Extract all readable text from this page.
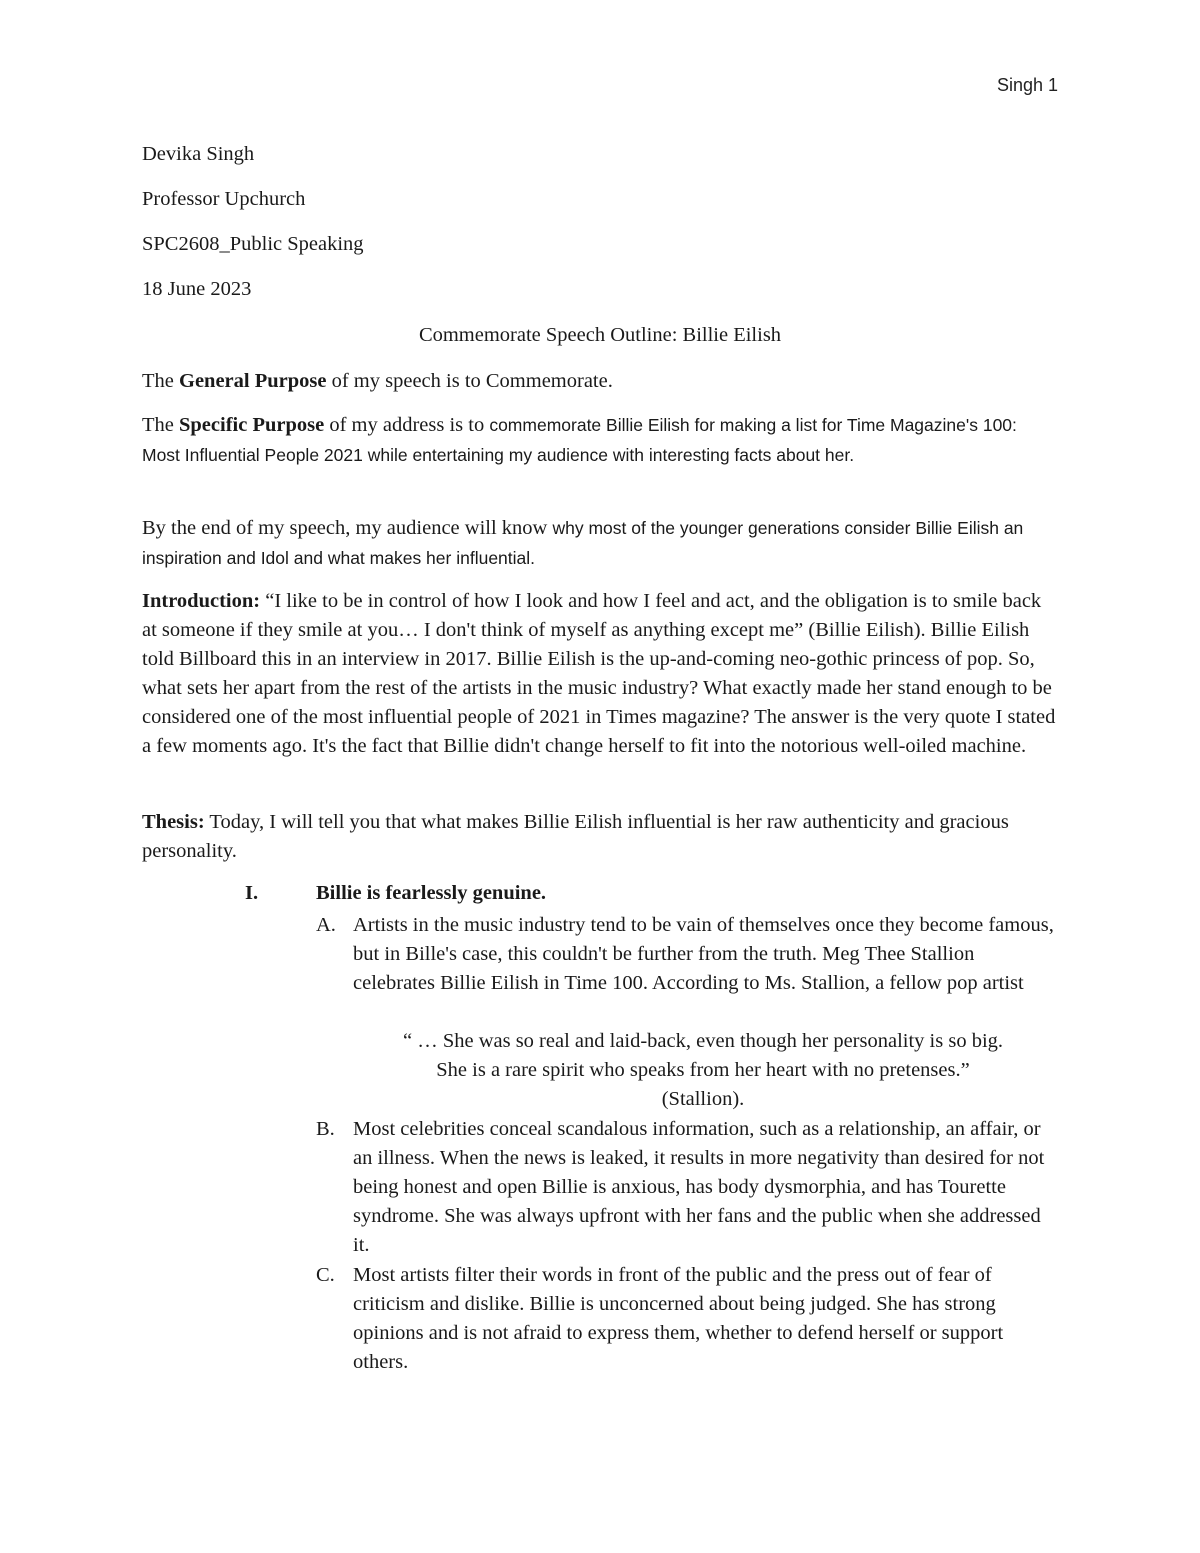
Singh 1
Devika Singh
Professor Upchurch
SPC2608_Public Speaking
18 June 2023
Commemorate Speech Outline: Billie Eilish
The General Purpose of my speech is to Commemorate.
The Specific Purpose of my address is to commemorate Billie Eilish for making a list for Time Magazine's 100: Most Influential People 2021 while entertaining my audience with interesting facts about her.
By the end of my speech, my audience will know why most of the younger generations consider Billie Eilish an inspiration and Idol and what makes her influential.
Introduction: “I like to be in control of how I look and how I feel and act, and the obligation is to smile back at someone if they smile at you… I don't think of myself as anything except me” (Billie Eilish). Billie Eilish told Billboard this in an interview in 2017. Billie Eilish is the up-and-coming neo-gothic princess of pop. So, what sets her apart from the rest of the artists in the music industry? What exactly made her stand enough to be considered one of the most influential people of 2021 in Times magazine? The answer is the very quote I stated a few moments ago. It's the fact that Billie didn't change herself to fit into the notorious well-oiled machine.
Thesis: Today, I will tell you that what makes Billie Eilish influential is her raw authenticity and gracious personality.
I.	Billie is fearlessly genuine.
A. Artists in the music industry tend to be vain of themselves once they become famous, but in Bille's case, this couldn't be further from the truth. Meg Thee Stallion celebrates Billie Eilish in Time 100. According to Ms. Stallion, a fellow pop artist
“ … She was so real and laid-back, even though her personality is so big.
She is a rare spirit who speaks from her heart with no pretenses.”
(Stallion).
B. Most celebrities conceal scandalous information, such as a relationship, an affair, or an illness. When the news is leaked, it results in more negativity than desired for not being honest and open Billie is anxious, has body dysmorphia, and has Tourette syndrome. She was always upfront with her fans and the public when she addressed it.
C. Most artists filter their words in front of the public and the press out of fear of criticism and dislike. Billie is unconcerned about being judged. She has strong opinions and is not afraid to express them, whether to defend herself or support others.
